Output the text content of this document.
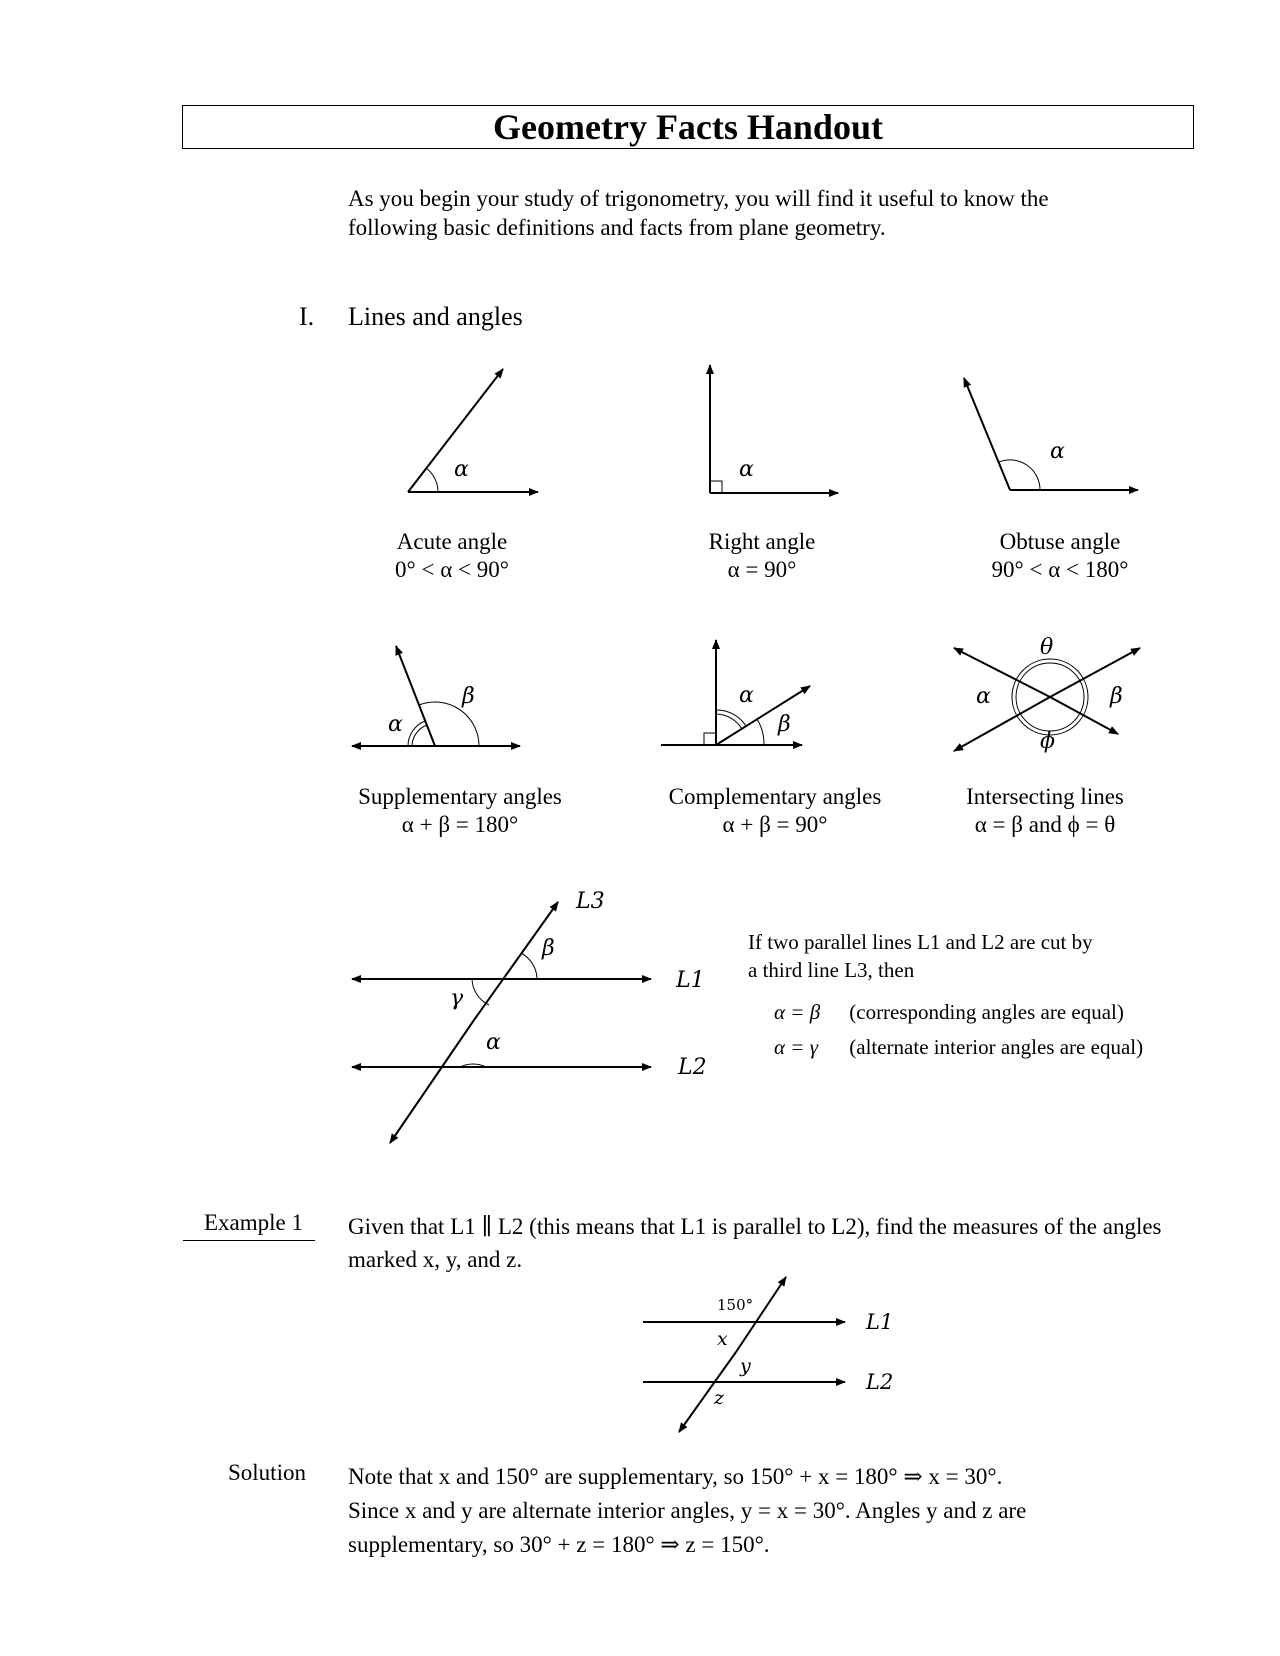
Geometry Facts Handout
As you begin your study of trigonometry, you will find it useful to know the following basic definitions and facts from plane geometry.
I. Lines and angles
α	α
α
β
α
α
β
θ
α	β
ϕ
β
γ
α
L3
L1
L2
x
y
z
L1
L2
150°
Acute angle
0° < α < 90°
Right angle
α = 90°
Obtuse angle
90° < α < 180°
Supplementary angles
α + β = 180°
Complementary angles
α + β = 90°
Intersecting lines
α = β and ϕ = θ
If two parallel lines L1 and L2 are cut by
a third line L3, then
α = β (corresponding angles are equal)
α = γ (alternate interior angles are equal)
Example 1 Given that L1 ∥ L2 (this means that L1 is parallel to L2), find the measures of the angles marked x, y, and z.
Solution Note that x and 150° are supplementary, so 150° + x = 180° ⇒ x = 30°.
Since x and y are alternate interior angles, y = x = 30°. Angles y and z are
supplementary, so 30° + z = 180° ⇒ z = 150°.
